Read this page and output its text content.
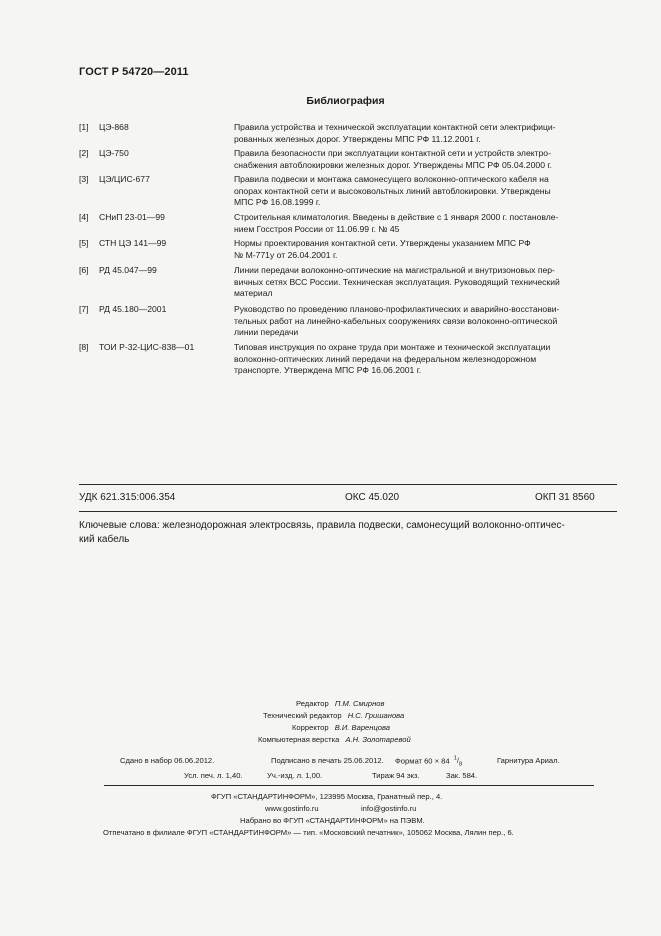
ГОСТ Р 54720—2011
Библиография
[1] ЦЭ-868	Правила устройства и технической эксплуатации контактной сети электрифици-
рованных железных дорог. Утверждены МПС РФ 11.12.2001 г.
[2] ЦЭ-750	Правила безопасности при эксплуатации контактной сети и устройств электро-
снабжения автоблокировки железных дорог. Утверждены МПС РФ 05.04.2000 г.
[3] ЦЭ/ЦИС-677	Правила подвески и монтажа самонесущего волоконно-оптического кабеля на
опорах контактной сети и высоковольтных линий автоблокировки. Утверждены
МПС РФ 16.08.1999 г.
[4] СНиП 23-01—99	Строительная климатология. Введены в действие с 1 января 2000 г. постановле-
нием Госстроя России от 11.06.99 г. № 45
[5] СТН ЦЭ 141—99	Нормы проектирования контактной сети. Утверждены указанием МПС РФ
№ М-771у от 26.04.2001 г.
[6] РД 45.047—99	Линии передачи волоконно-оптические на магистральной и внутризоновых пер-
вичных сетях ВСС России. Техническая эксплуатация. Руководящий технический
материал
[7] РД 45.180—2001	Руководство по проведению планово-профилактических и аварийно-восстанови-
тельных работ на линейно-кабельных сооружениях связи волоконно-оптической
линии передачи
[8] ТОИ Р-32-ЦИС-838—01	Типовая инструкция по охране труда при монтаже и технической эксплуатации
волоконно-оптических линий передачи на федеральном железнодорожном
транспорте. Утверждена МПС РФ 16.06.2001 г.
УДК 621.315:006.354	ОКС 45.020	ОКП 31 8560
Ключевые слова: железнодорожная электросвязь, правила подвески, самонесущий волоконно-оптичес-
кий кабель
Редактор П.М. Смирнов
Технический редактор Н.С. Гришанова
Корректор В.И. Варенцова
Компьютерная верстка А.Н. Золотаревой
Сдано в набор 06.06.2012.	Подписано в печать 25.06.2012. Формат 60 × 84 $^1/_8$	Гарнитура Ариал.
Усл. печ. л. 1,40.	Уч.-изд. л. 1,00.	Тираж 94 экз.	Зак. 584.
ФГУП «СТАНДАРТИНФОРМ», 123995 Москва, Гранатный пер., 4.
www.gostinfo.ru	info@gostinfo.ru
Набрано во ФГУП «СТАНДАРТИНФОРМ» на ПЭВМ.
Отпечатано в филиале ФГУП «СТАНДАРТИНФОРМ» — тип. «Московский печатник», 105062 Москва, Лялин пер., 6.
